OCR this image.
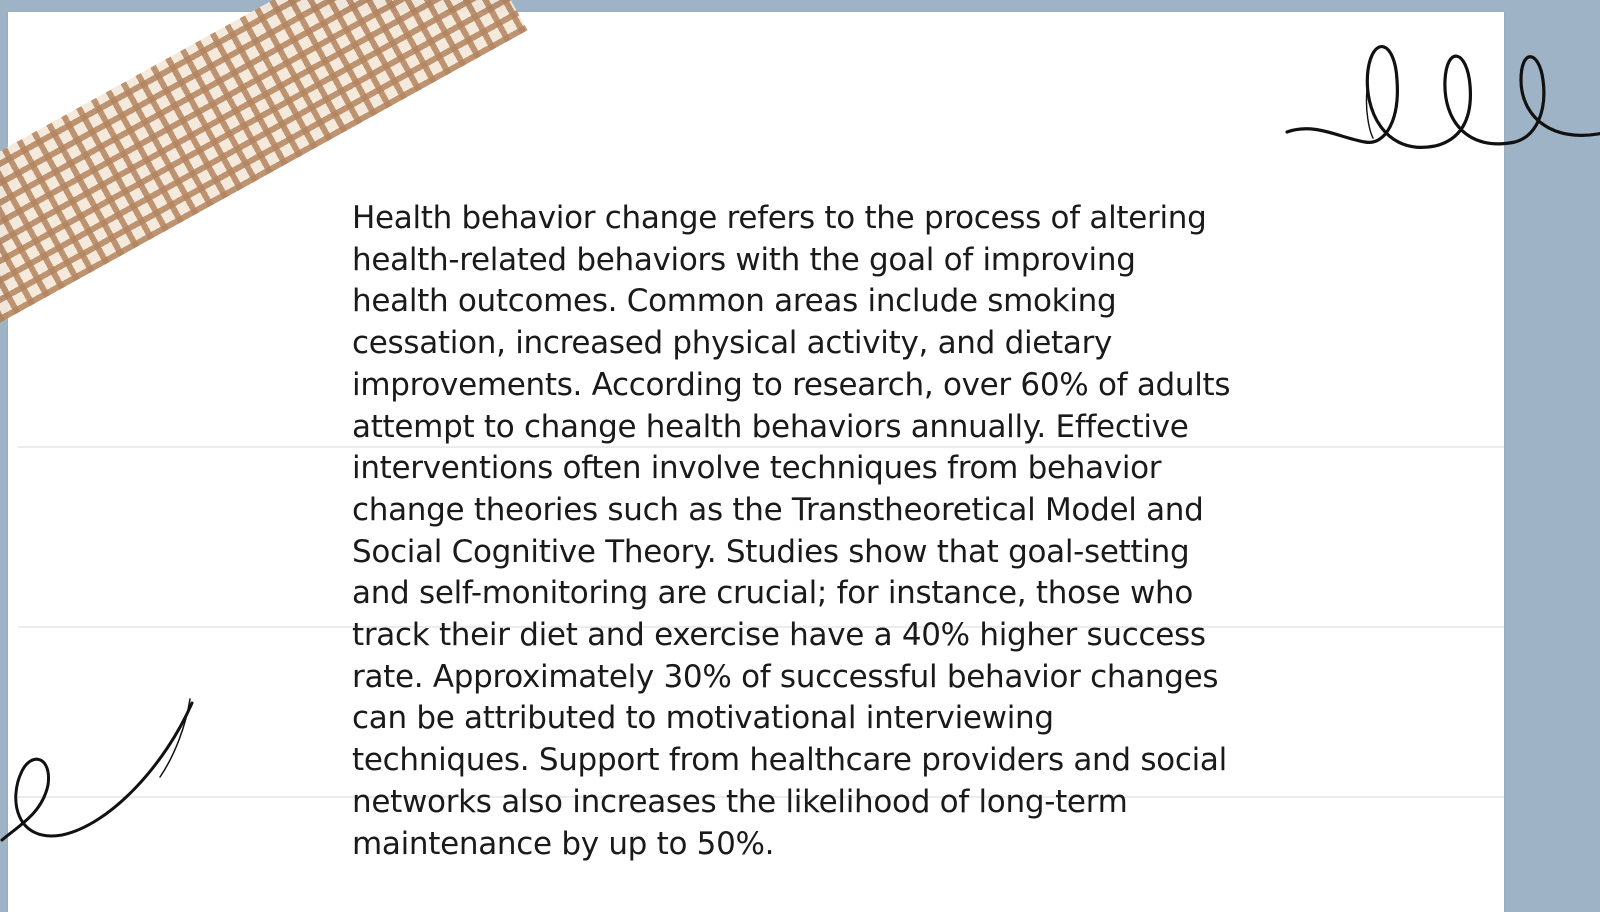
Health behavior change refers to the process of altering health-related behaviors with the goal of improving health outcomes. Common areas include smoking cessation, increased physical activity, and dietary improvements. According to research, over 60% of adults attempt to change health behaviors annually. Effective interventions often involve techniques from behavior change theories such as the Transtheoretical Model and Social Cognitive Theory. Studies show that goal-setting and self-monitoring are crucial; for instance, those who track their diet and exercise have a 40% higher success rate. Approximately 30% of successful behavior changes can be attributed to motivational interviewing techniques. Support from healthcare providers and social networks also increases the likelihood of long-term maintenance by up to 50%.
